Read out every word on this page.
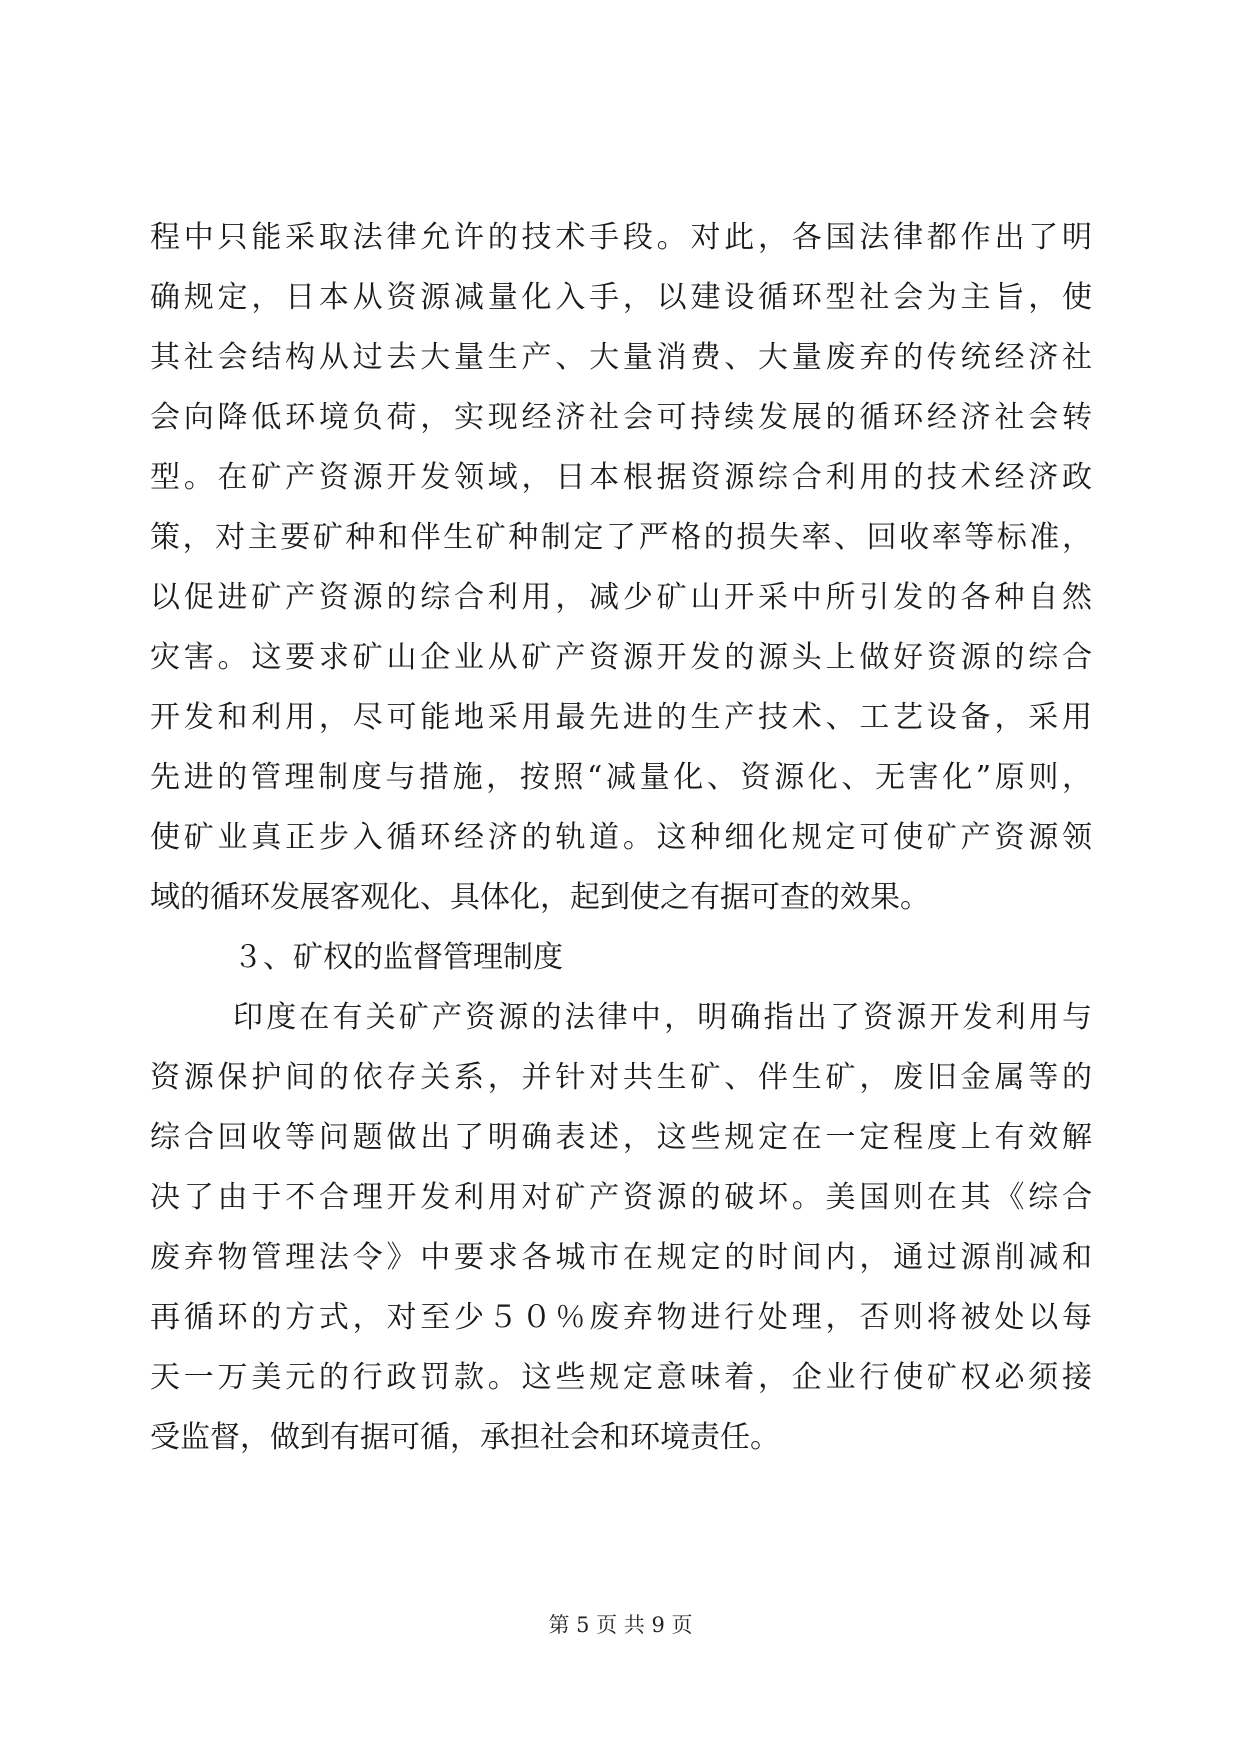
程中只能采取法律允许的技术手段。对此，各国法律都作出了明
确规定，日本从资源减量化入手，以建设循环型社会为主旨，使
其社会结构从过去大量生产、大量消费、大量废弃的传统经济社
会向降低环境负荷，实现经济社会可持续发展的循环经济社会转
型。在矿产资源开发领域，日本根据资源综合利用的技术经济政
策，对主要矿种和伴生矿种制定了严格的损失率、回收率等标准，
以促进矿产资源的综合利用，减少矿山开采中所引发的各种自然
灾害。这要求矿山企业从矿产资源开发的源头上做好资源的综合
开发和利用，尽可能地采用最先进的生产技术、工艺设备，采用
先进的管理制度与措施，按照“减量化、资源化、无害化”原则，
使矿业真正步入循环经济的轨道。这种细化规定可使矿产资源领
域的循环发展客观化、具体化，起到使之有据可查的效果。
３、矿权的监督管理制度
印度在有关矿产资源的法律中，明确指出了资源开发利用与
资源保护间的依存关系，并针对共生矿、伴生矿，废旧金属等的
综合回收等问题做出了明确表述，这些规定在一定程度上有效解
决了由于不合理开发利用对矿产资源的破坏。美国则在其《综合
废弃物管理法令》中要求各城市在规定的时间内，通过源削减和
再循环的方式，对至少５０％废弃物进行处理，否则将被处以每
天一万美元的行政罚款。这些规定意味着，企业行使矿权必须接
受监督，做到有据可循，承担社会和环境责任。
第 5 页 共 9 页
